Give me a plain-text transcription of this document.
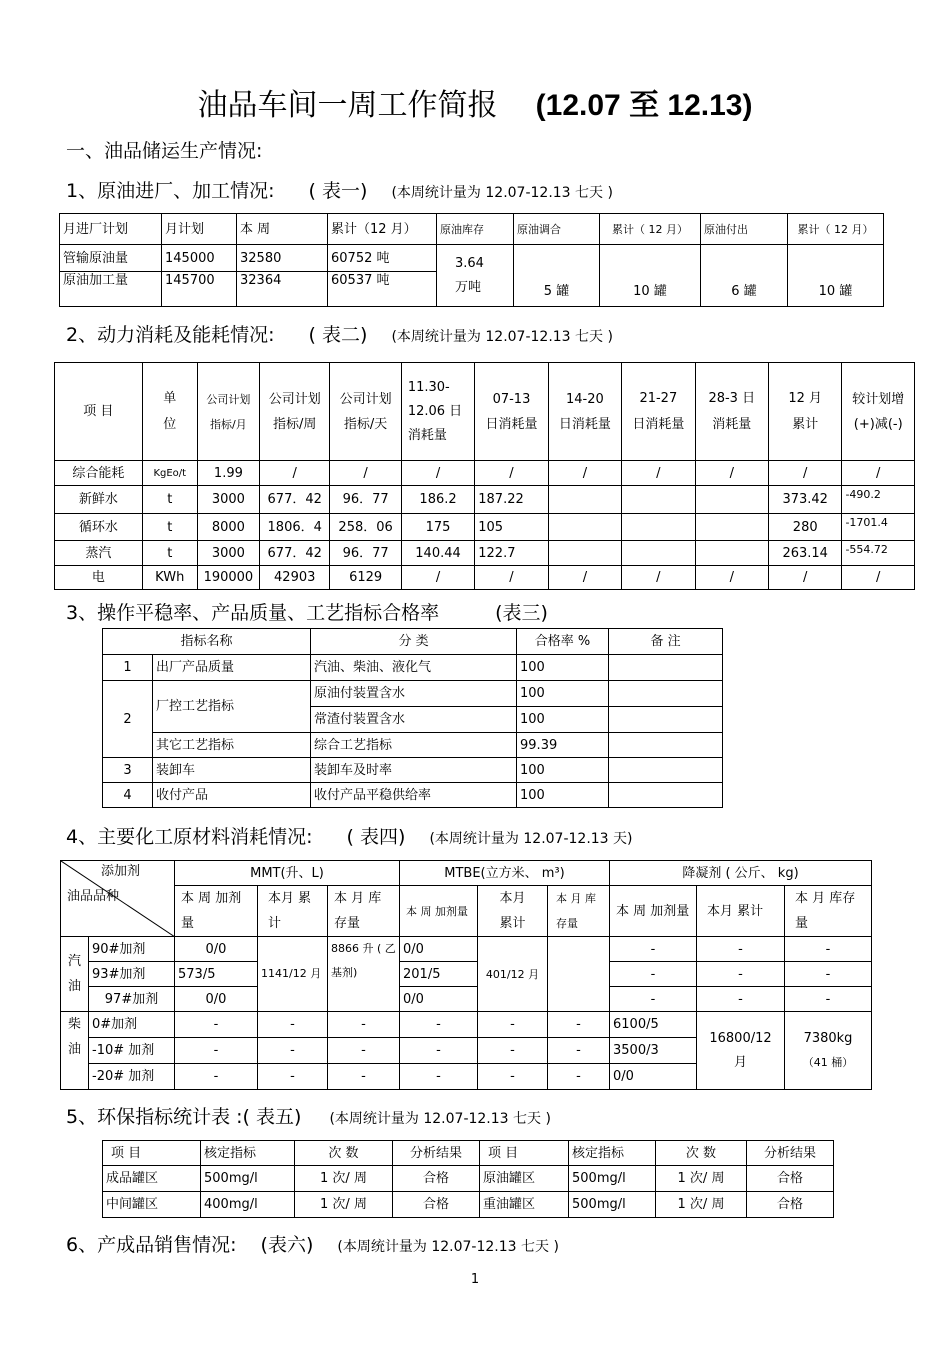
油品车间一周工作简报 (12.07 至 12.13)
一、油品储运生产情况:
1、原油进厂、加工情况: ( 表一) (本周统计量为 12.07-12.13 七天 )
月进厂计划	月计划	本 周	累计（12 月）	原油库存	原油调合	累计（ 12 月）	原油付出	累计（ 12 月）
管输原油量	145000	32580	60752 吨	3.64 万吨	5 罐	10 罐	6 罐	10 罐
原油加工量	145700	32364	60537 吨					
2、动力消耗及能耗情况: ( 表二) (本周统计量为 12.07-12.13 七天 )
项 目	单位	公司计划指标/月	公司计划指标/周	公司计划指标/天	11.30-12.06 日消耗量	07-13 日消耗量	14-20 日消耗量	21-27 日消耗量	28-3 日消耗量	12 月累计	较计划增(+)减(-)
综合能耗	KgEo/t	1.99	/	/	/	/	/	/	/	/	/
新鲜水	t	3000	677．42	96．77	186.2	187.22				373.42	-490.2
循环水	t	8000	1806．4	258．06	175	105				280	-1701.4
蒸汽	t	3000	677．42	96．77	140.44	122.7				263.14	-554.72
电	KWh	190000	42903	6129	/	/	/	/	/	/	/
3、操作平稳率、产品质量、工艺指标合格率	(表三)
指标名称		分 类	合格率 %	备 注
1	出厂产品质量	汽油、柴油、液化气	100	
2	厂控工艺指标	原油付装置含水	100	
		常渣付装置含水	100	
	其它工艺指标	综合工艺指标	99.39	
3	装卸车	装卸车及时率	100	
4	收付产品	收付产品平稳供给率	100	
4、主要化工原材料消耗情况: ( 表四) (本周统计量为 12.07-12.13 天)
添加剂
油品品种		MMT(升、L)			MTBE(立方米、 m³)			降凝剂 ( 公斤、 kg)		
		本 周 加剂量	本月 累计	本 月 库存量	本 周 加剂量	本月 累计	本 月 库存量	本 周 加剂量	本月 累计	本 月 库存量
汽油	90#加剂	0/0	1141/12 月	8866 升 ( 乙基剂)	0/0	401/12 月		-	-	-
	93#加剂	573/5			201/5			-	-	-
	97#加剂	0/0			0/0			-	-	-
柴油	0#加剂	-	-	-	-	-	-	6100/5	16800/12 月	7380kg
（41 桶）

	-10# 加剂	-	-	-	-	-	-	3500/3		
	-20# 加剂	-	-	-	-	-	-	0/0		
5、环保指标统计表 :( 表五) (本周统计量为 12.07-12.13 七天 )
项 目	核定指标	次 数	分析结果	项 目	核定指标	次 数	分析结果
成品罐区	500mg/l	1 次/ 周	合格	原油罐区	500mg/l	1 次/ 周	合格
中间罐区	400mg/l	1 次/ 周	合格	重油罐区	500mg/l	1 次/ 周	合格
6、产成品销售情况: (表六) (本周统计量为 12.07-12.13 七天 )
1
